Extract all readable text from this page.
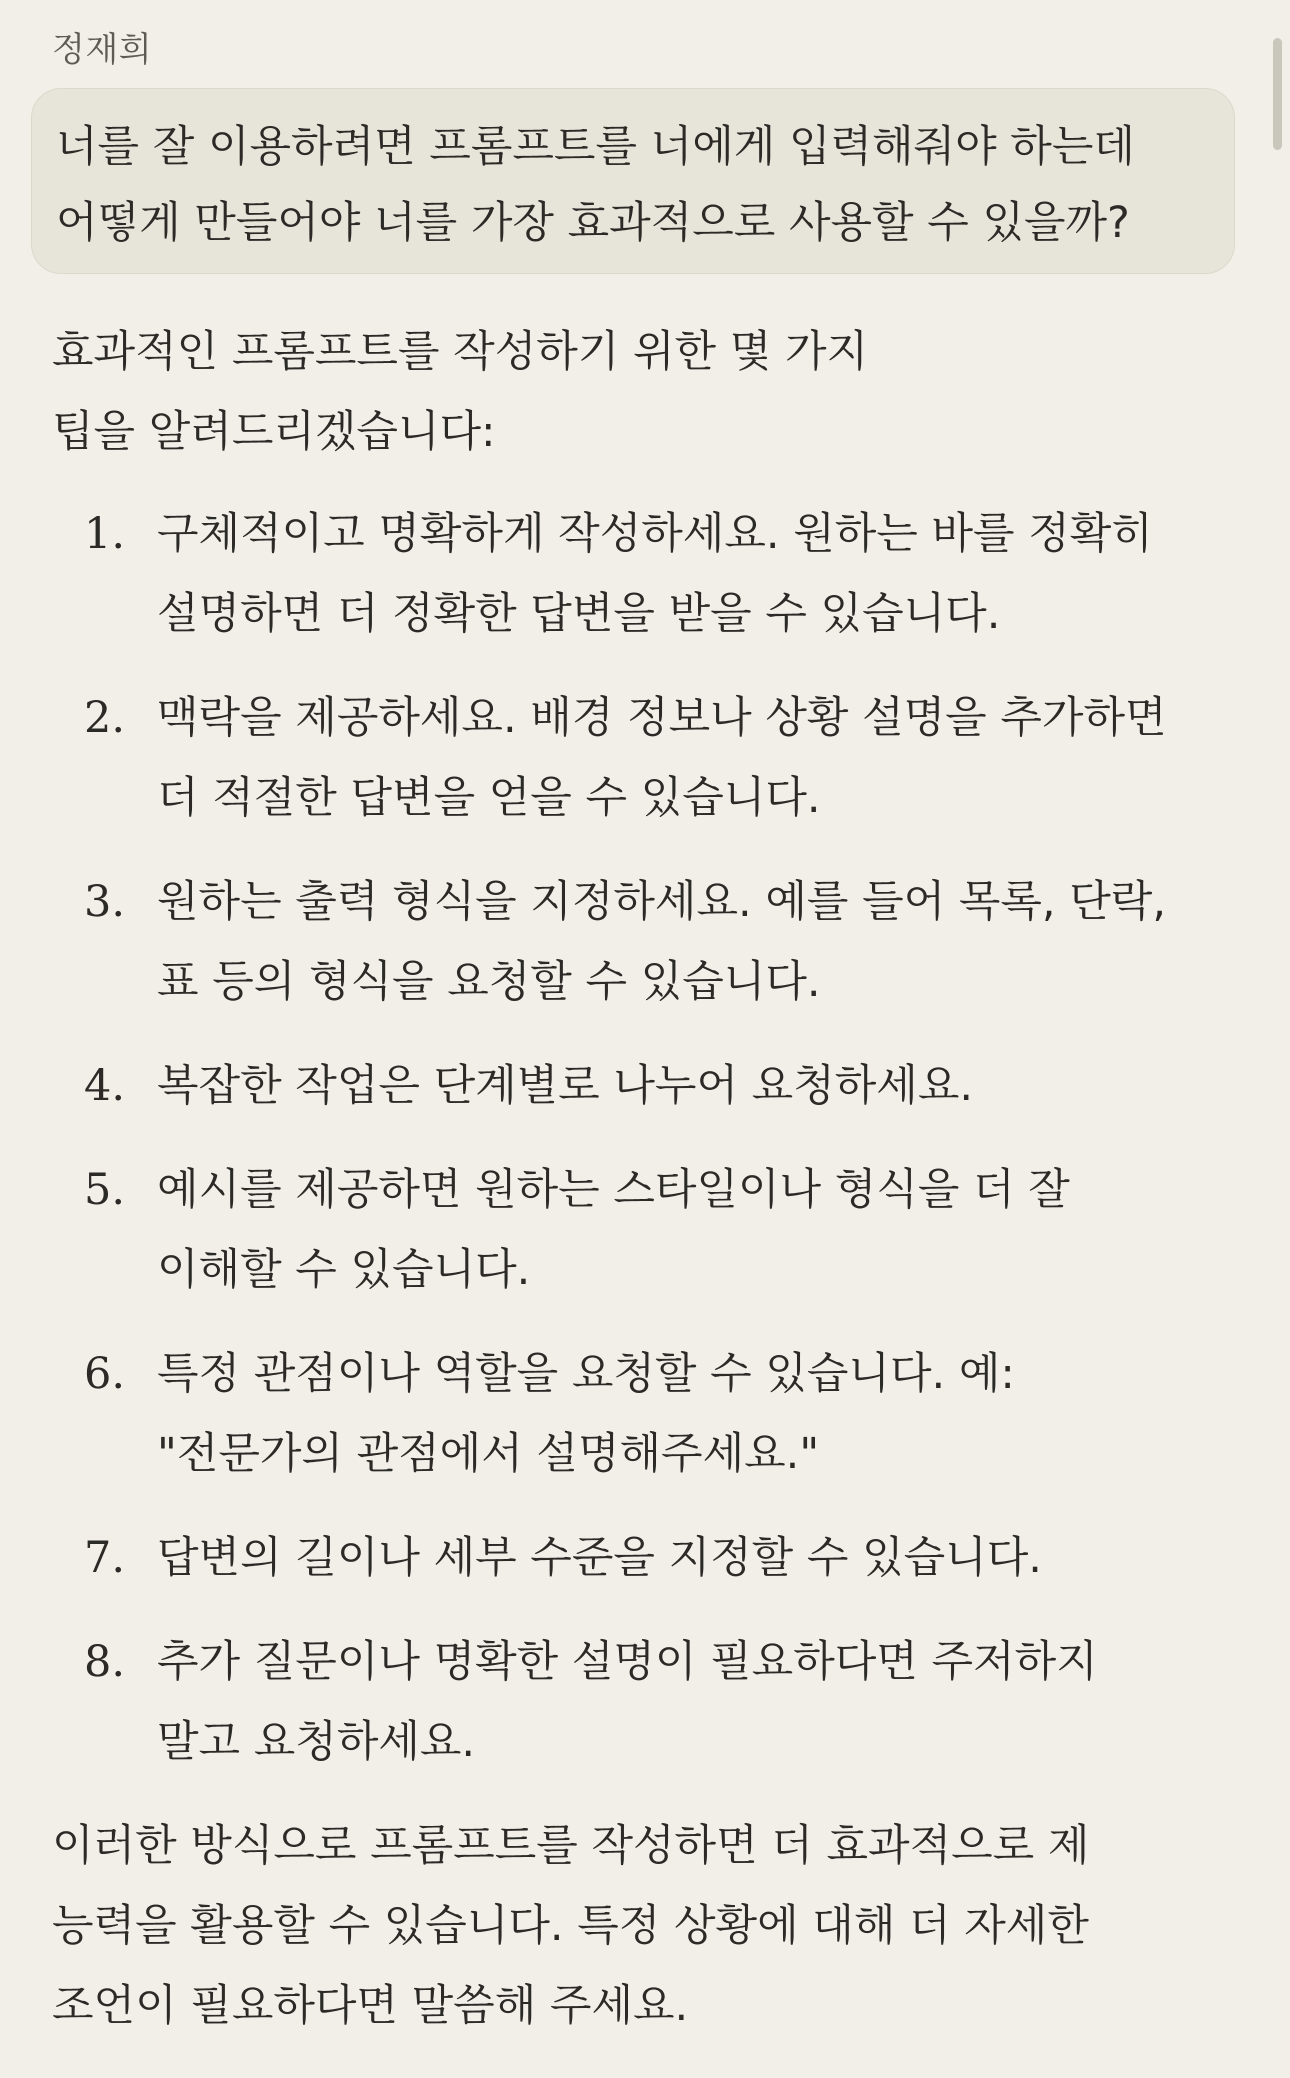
정재희

너를 잘 이용하려면 프롬프트를 너에게 입력해줘야 하는데

어떻게 만들어야 너를 가장 효과적으로 사용할 수 있을까?

효과적인 프롬프트를 작성하기 위한 몇 가지
팁을 알려드리겠습니다:

1. 구체적이고 명확하게 작성하세요. 원하는 바를 정확히
설명하면 더 정확한 답변을 받을 수 있습니다.
2. 맥락을 제공하세요. 배경 정보나 상황 설명을 추가하면
더 적절한 답변을 얻을 수 있습니다.
3. 원하는 출력 형식을 지정하세요. 예를 들어 목록, 단락,
표 등의 형식을 요청할 수 있습니다.
4. 복잡한 작업은 단계별로 나누어 요청하세요.
5. 예시를 제공하면 원하는 스타일이나 형식을 더 잘
이해할 수 있습니다.
6. 특정 관점이나 역할을 요청할 수 있습니다. 예:
"전문가의 관점에서 설명해주세요."
7. 답변의 길이나 세부 수준을 지정할 수 있습니다.
8. 추가 질문이나 명확한 설명이 필요하다면 주저하지
말고 요청하세요.

이러한 방식으로 프롬프트를 작성하면 더 효과적으로 제
능력을 활용할 수 있습니다. 특정 상황에 대해 더 자세한
조언이 필요하다면 말씀해 주세요.
